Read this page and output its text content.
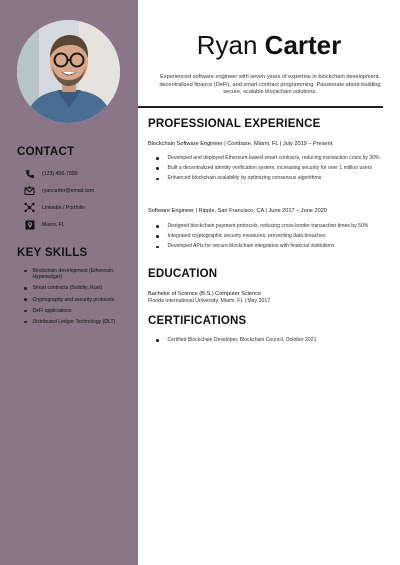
CONTACT
(123) 456-7890
ryancarter@email.com
LinkedIn / Portfolio
Miami, FL
KEY SKILLS
Blockchain development (Ethereum, Hyperledger)
Smart contracts (Solidity, Rust)
Cryptography and security protocols
DeFi applications
Distributed Ledger Technology (DLT)
Ryan Carter
Experienced software engineer with seven years of expertise in blockchain development, decentralized finance (DeFi), and smart contract programming. Passionate about building secure, scalable blockchain solutions.
PROFESSIONAL EXPERIENCE
Blockchain Software Engineer | Coinbase, Miami, FL | July 2019 – Present
Developed and deployed Ethereum-based smart contracts, reducing transaction costs by 30%
Built a decentralized identity verification system, increasing security for over 1 million users
Enhanced blockchain scalability by optimizing consensus algorithms
Software Engineer | Ripple, San Francisco, CA | June 2017 – June 2020
Designed blockchain payment protocols, reducing cross-border transaction times by 50%
Integrated cryptographic security measures, preventing data breaches
Developed APIs for secure blockchain integration with financial institutions
EDUCATION
Bachelor of Science (B.S.) Computer Science
Florida International University, Miami, FL | May 2017
CERTIFICATIONS
Certified Blockchain Developer, Blockchain Council, October 2021
